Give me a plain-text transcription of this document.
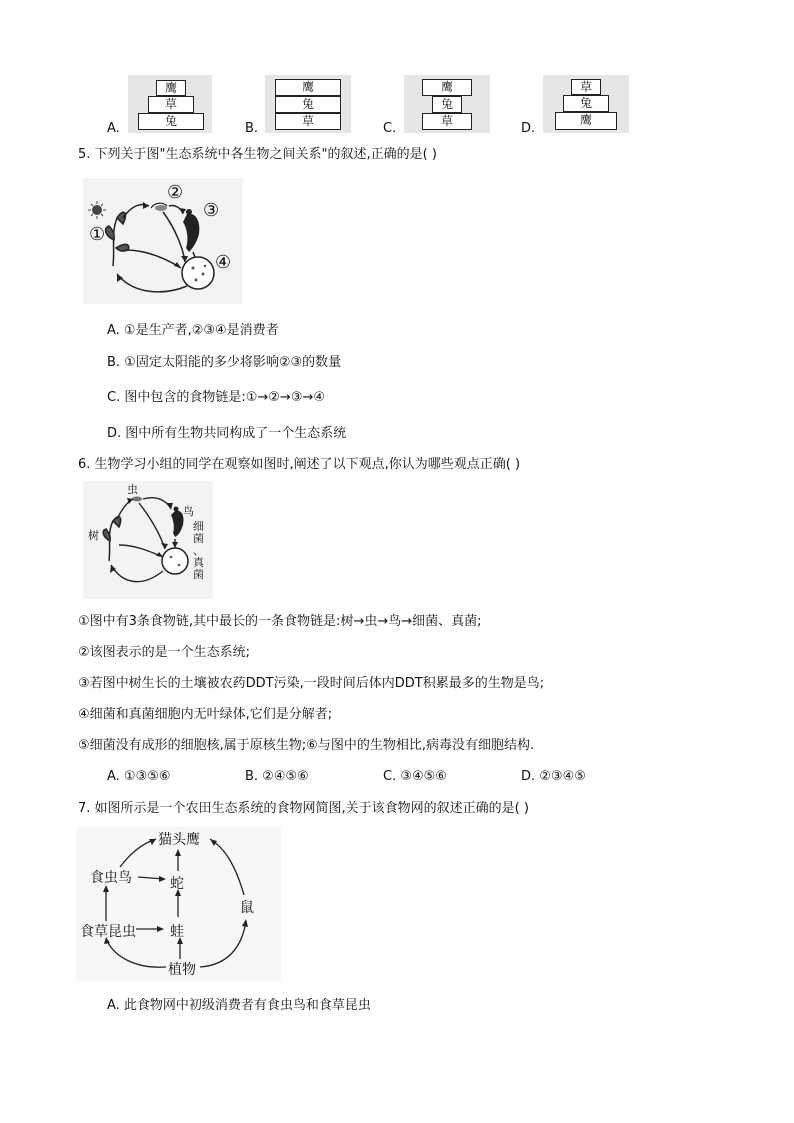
A.
鹰
草
兔	B.
鹰
兔
草	C.
鹰
兔
草	D.
草
兔
鹰
5. 下列关于图"生态系统中各生物之间关系"的叙述,正确的是( )
①
②
③
④
A. ①是生产者,②③④是消费者
B. ①固定太阳能的多少将影响②③的数量
C. 图中包含的食物链是:①→②→③→④
D. 图中所有生物共同构成了一个生态系统
6. 生物学习小组的同学在观察如图时,阐述了以下观点,你认为哪些观点正确( )
虫
鸟
树
细
菌
、
真
菌
①图中有3条食物链,其中最长的一条食物链是:树→虫→鸟→细菌、真菌;
②该图表示的是一个生态系统;
③若图中树生长的土壤被农药DDT污染,一段时间后体内DDT积累最多的生物是鸟;
④细菌和真菌细胞内无叶绿体,它们是分解者;
⑤细菌没有成形的细胞核,属于原核生物;⑥与图中的生物相比,病毒没有细胞结构.
A. ①③⑤⑥	B. ②④⑤⑥	C. ③④⑤⑥	D. ②③④⑤
7. 如图所示是一个农田生态系统的食物网简图,关于该食物网的叙述正确的是( )
猫头鹰
食虫鸟	蛇
鼠
食草昆虫 蛙
植物
A. 此食物网中初级消费者有食虫鸟和食草昆虫
